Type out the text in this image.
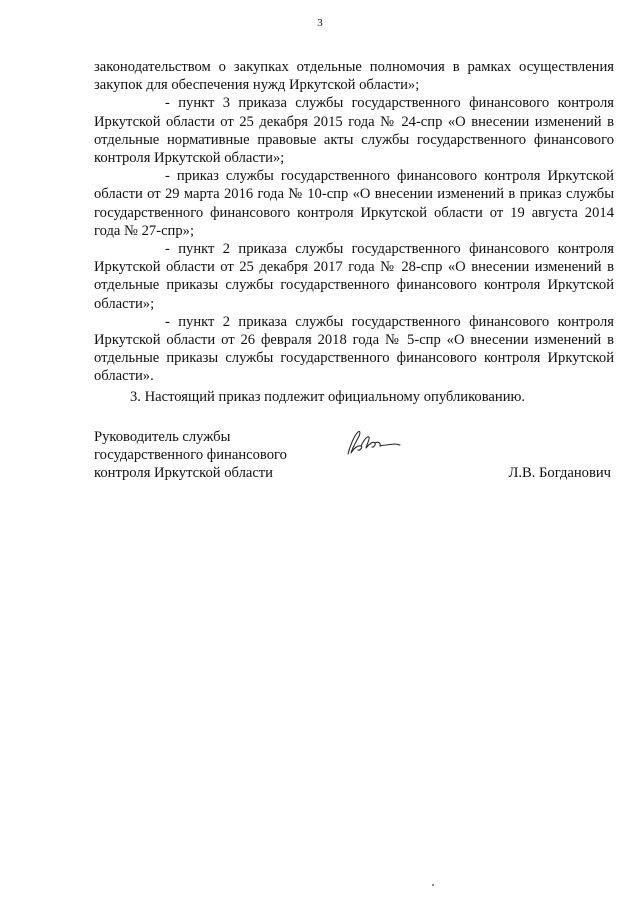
3

законодательством о закупках отдельные полномочия в рамках осуществления закупок для обеспечения нужд Иркутской области»;

- пункт 3 приказа службы государственного финансового контроля Иркутской области от 25 декабря 2015 года № 24-спр «О внесении изменений в отдельные нормативные правовые акты службы государственного финансового контроля Иркутской области»;

- приказ службы государственного финансового контроля Иркутской области от 29 марта 2016 года № 10-спр «О внесении изменений в приказ службы государственного финансового контроля Иркутской области от 19 августа 2014 года № 27-спр»;

- пункт 2 приказа службы государственного финансового контроля Иркутской области от 25 декабря 2017 года № 28-спр «О внесении изменений в отдельные приказы службы государственного финансового контроля Иркутской области»;

- пункт 2 приказа службы государственного финансового контроля Иркутской области от 26 февраля 2018 года № 5-спр «О внесении изменений в отдельные приказы службы государственного финансового контроля Иркутской области».

3. Настоящий приказ подлежит официальному опубликованию.

Руководитель службы
государственного финансового
контроля Иркутской области	Л.В. Богданович
